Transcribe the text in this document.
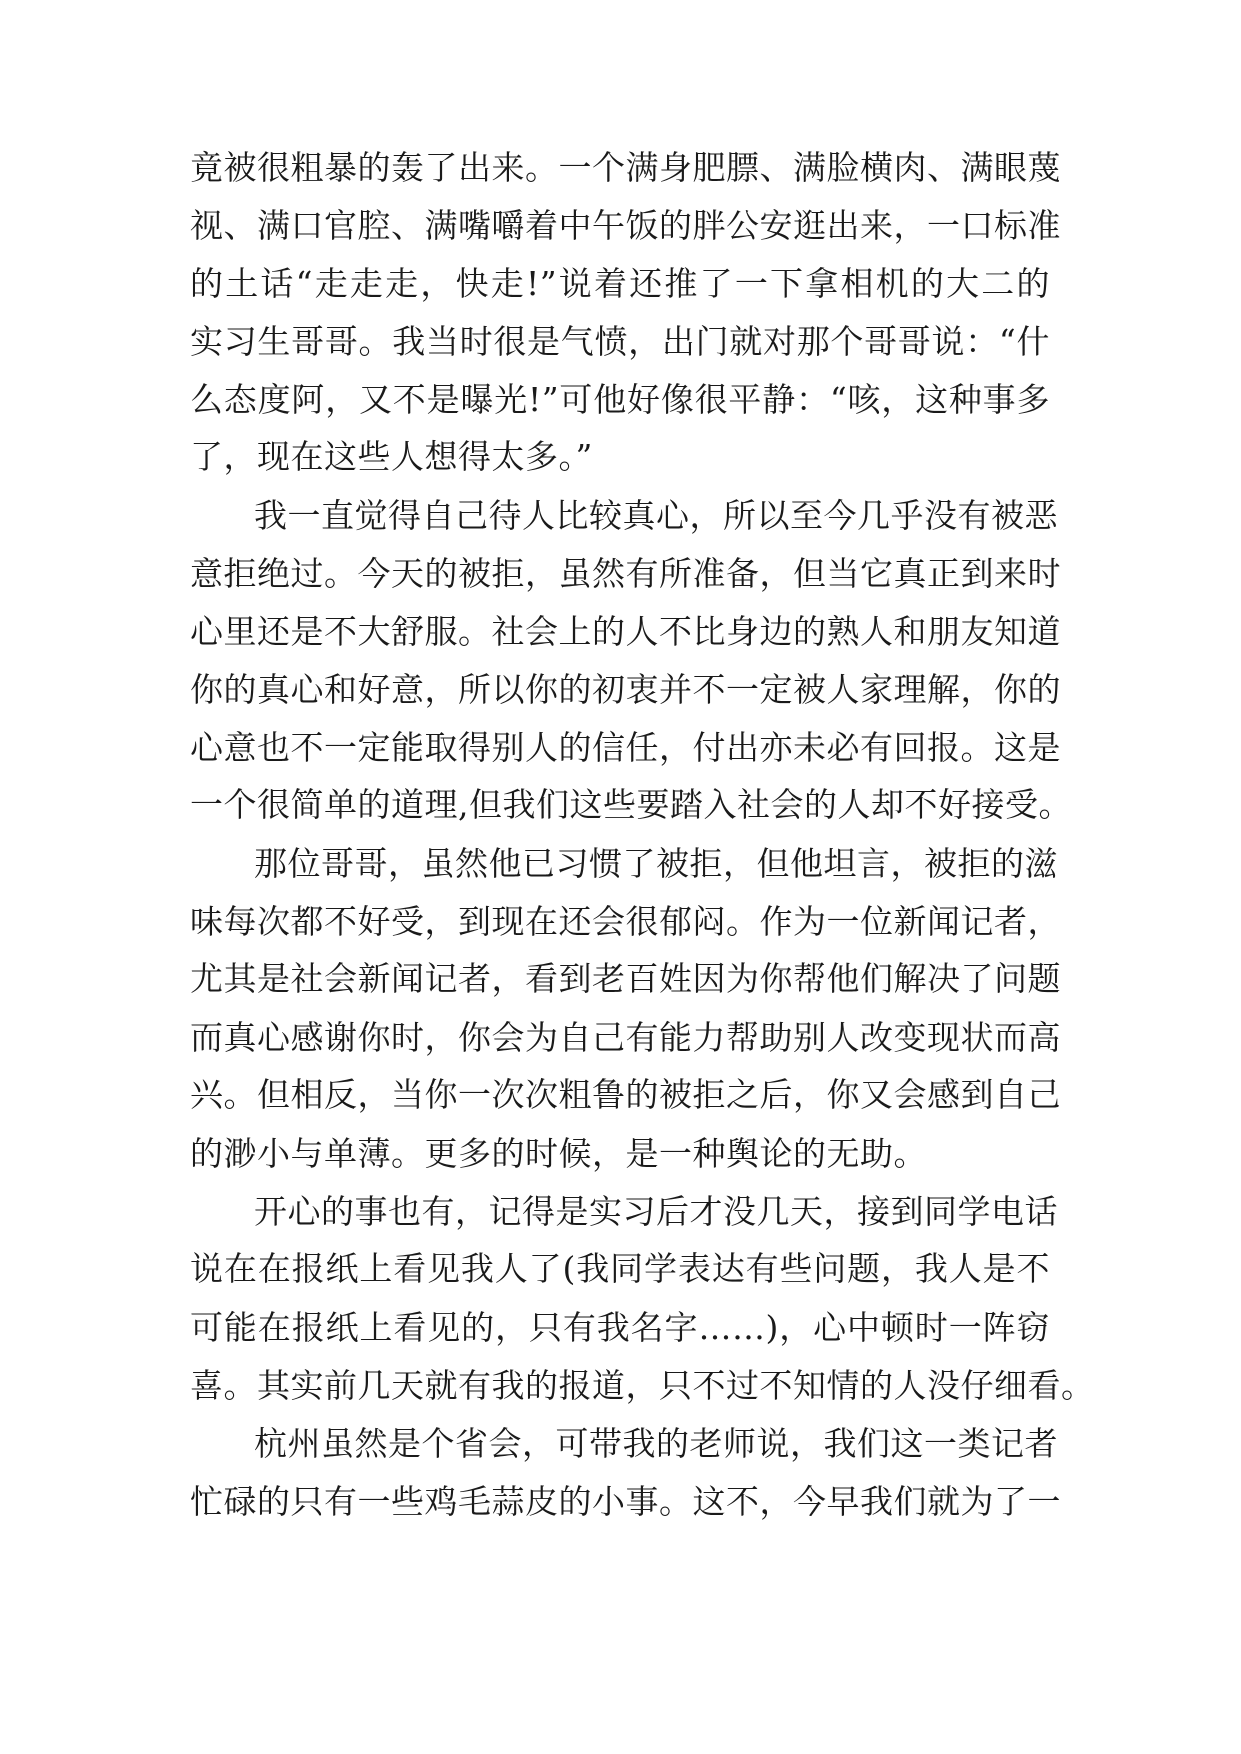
竟被很粗暴的轰了出来。一个满身肥膘、满脸横肉、满眼蔑

视、满口官腔、满嘴嚼着中午饭的胖公安逛出来，一口标准

的土话“走走走，快走!”说着还推了一下拿相机的大二的

实习生哥哥。我当时很是气愤，出门就对那个哥哥说：“什

么态度阿，又不是曝光!”可他好像很平静：“咳，这种事多

了，现在这些人想得太多。”

我一直觉得自己待人比较真心，所以至今几乎没有被恶

意拒绝过。今天的被拒，虽然有所准备，但当它真正到来时

心里还是不大舒服。社会上的人不比身边的熟人和朋友知道

你的真心和好意，所以你的初衷并不一定被人家理解，你的

心意也不一定能取得别人的信任，付出亦未必有回报。这是

一个很简单的道理,但我们这些要踏入社会的人却不好接受。

那位哥哥，虽然他已习惯了被拒，但他坦言，被拒的滋

味每次都不好受，到现在还会很郁闷。作为一位新闻记者，

尤其是社会新闻记者，看到老百姓因为你帮他们解决了问题

而真心感谢你时，你会为自己有能力帮助别人改变现状而高

兴。但相反，当你一次次粗鲁的被拒之后，你又会感到自己

的渺小与单薄。更多的时候，是一种舆论的无助。

开心的事也有，记得是实习后才没几天，接到同学电话

说在在报纸上看见我人了(我同学表达有些问题，我人是不

可能在报纸上看见的，只有我名字……)，心中顿时一阵窃

喜。其实前几天就有我的报道，只不过不知情的人没仔细看。

杭州虽然是个省会，可带我的老师说，我们这一类记者

忙碌的只有一些鸡毛蒜皮的小事。这不，今早我们就为了一
